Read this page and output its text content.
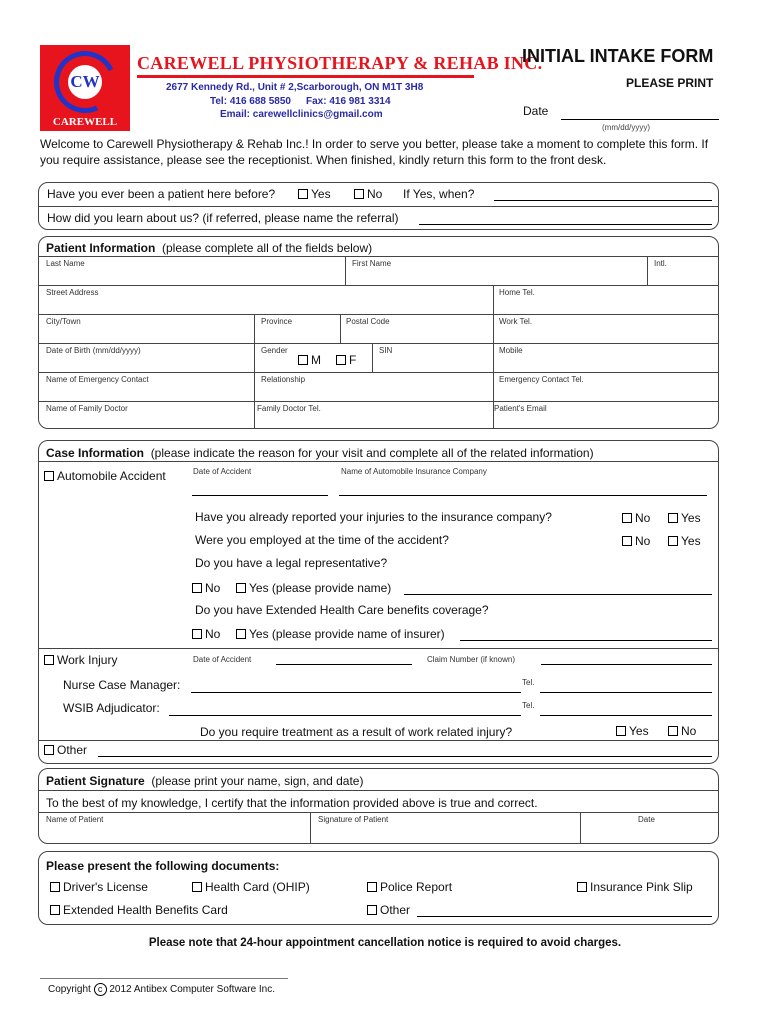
CW
CAREWELL
CAREWELL PHYSIOTHERAPY & REHAB INC.
2677 Kennedy Rd., Unit # 2,Scarborough, ON M1T 3H8
Tel: 416 688 5850 Fax: 416 981 3314
Email: carewellclinics@gmail.com
INITIAL INTAKE FORM
PLEASE PRINT
Date
(mm/dd/yyyy)
Welcome to Carewell Physiotherapy & Rehab Inc.! In order to serve you better, please take a moment to complete this form. If you require assistance, please see the receptionist. When finished, kindly return this form to the front desk.
Have you ever been a patient here before?	Yes	No If Yes, when?
How did you learn about us? (if referred, please name the referral)
Patient Information (please complete all of the fields below)
Last Name	First Name	Intl.
Street Address	Home Tel.
City/Town	Province	Postal Code	Work Tel.
Date of Birth (mm/dd/yyyy)	Gender
M	F
SIN	Mobile
Name of Emergency Contact	Relationship	Emergency Contact Tel.
Name of Family Doctor	Family Doctor Tel.	Patient's Email
Case Information (please indicate the reason for your visit and complete all of the related information)
Automobile Accident	Date of Accident	Name of Automobile Insurance Company
Have you already reported your injuries to the insurance company?	No	Yes
Were you employed at the time of the accident?	No	Yes
Do you have a legal representative?
No	Yes (please provide name)
Do you have Extended Health Care benefits coverage?
No	Yes (please provide name of insurer)
Work Injury	Date of Accident	Claim Number (if known)
Nurse Case Manager:	Tel.
WSIB Adjudicator:	Tel.
Do you require treatment as a result of work related injury?	Yes	No
Other
Patient Signature (please print your name, sign, and date)
To the best of my knowledge, I certify that the information provided above is true and correct.
Name of Patient	Signature of Patient	Date
Please present the following documents:
Driver's License	Health Card (OHIP)	Police Report	Insurance Pink Slip
Extended Health Benefits Card	Other
Please note that 24-hour appointment cancellation notice is required to avoid charges.
Copyright c 2012 Antibex Computer Software Inc.
